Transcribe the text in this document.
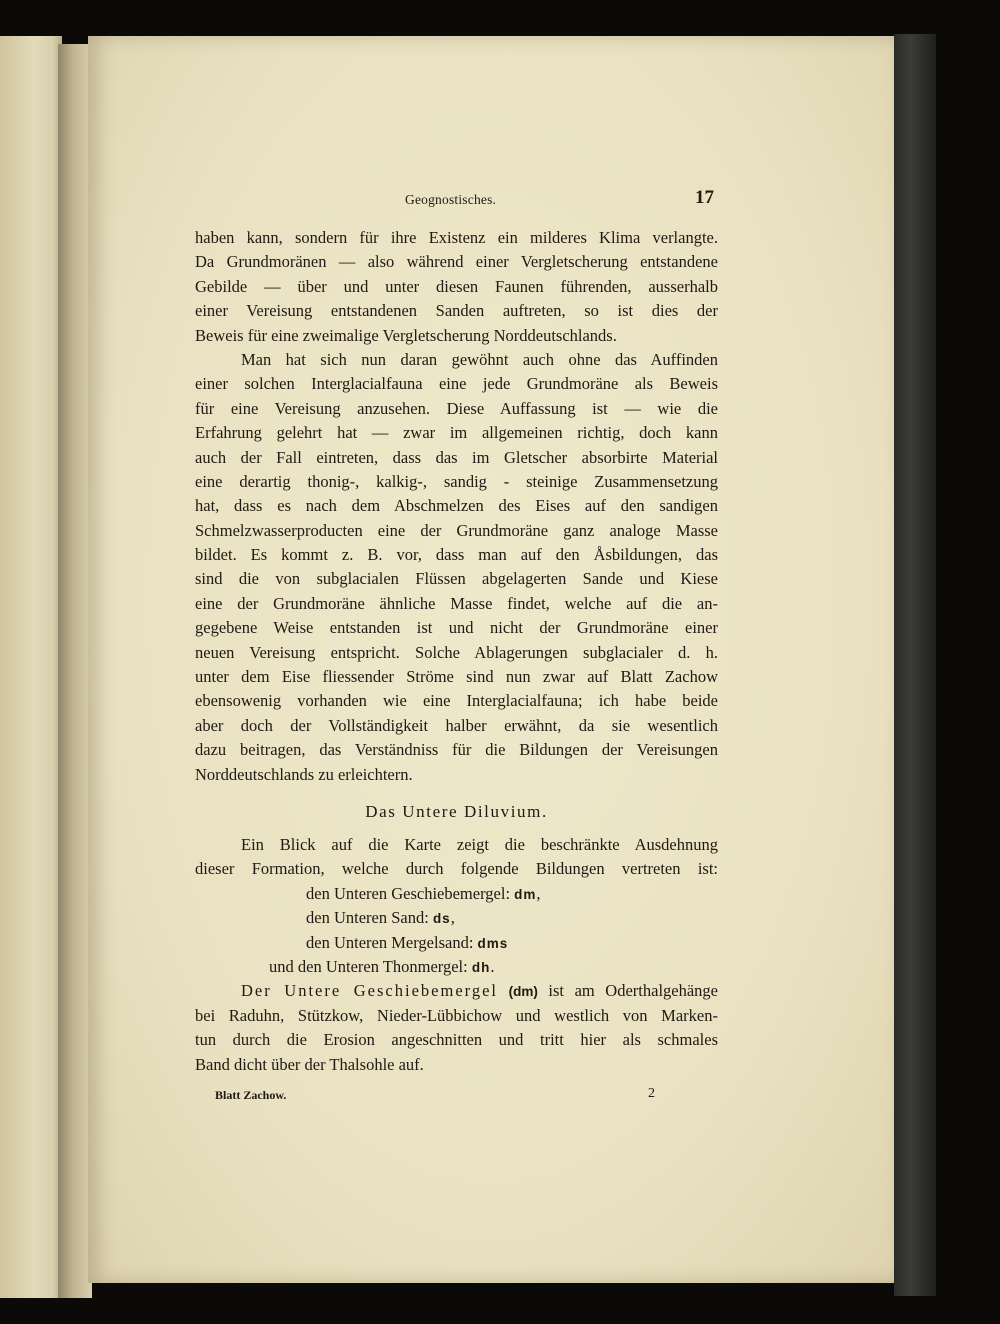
Geognostisches.	17
haben kann, sondern für ihre Existenz ein milderes Klima verlangte.
Da Grundmoränen — also während einer Vergletscherung entstandene
Gebilde — über und unter diesen Faunen führenden, ausserhalb
einer Vereisung entstandenen Sanden auftreten, so ist dies der
Beweis für eine zweimalige Vergletscherung Norddeutschlands.
Man hat sich nun daran gewöhnt auch ohne das Auffinden
einer solchen Interglacialfauna eine jede Grundmoräne als Beweis
für eine Vereisung anzusehen. Diese Auffassung ist — wie die
Erfahrung gelehrt hat — zwar im allgemeinen richtig, doch kann
auch der Fall eintreten, dass das im Gletscher absorbirte Material
eine derartig thonig-, kalkig-, sandig - steinige Zusammensetzung
hat, dass es nach dem Abschmelzen des Eises auf den sandigen
Schmelzwasserproducten eine der Grundmoräne ganz analoge Masse
bildet. Es kommt z. B. vor, dass man auf den Åsbildungen, das
sind die von subglacialen Flüssen abgelagerten Sande und Kiese
eine der Grundmoräne ähnliche Masse findet, welche auf die an-
gegebene Weise entstanden ist und nicht der Grundmoräne einer
neuen Vereisung entspricht. Solche Ablagerungen subglacialer d. h.
unter dem Eise fliessender Ströme sind nun zwar auf Blatt Zachow
ebensowenig vorhanden wie eine Interglacialfauna; ich habe beide
aber doch der Vollständigkeit halber erwähnt, da sie wesentlich
dazu beitragen, das Verständniss für die Bildungen der Vereisungen
Norddeutschlands zu erleichtern.
Das Untere Diluvium.
Ein Blick auf die Karte zeigt die beschränkte Ausdehnung
dieser Formation, welche durch folgende Bildungen vertreten ist:
den Unteren Geschiebemergel: dm,
den Unteren Sand: ds,
den Unteren Mergelsand: dms
und den Unteren Thonmergel: dh.
Der Untere Geschiebemergel (dm) ist am Oderthalgehänge
bei Raduhn, Stützkow, Nieder-Lübbichow und westlich von Marken-
tun durch die Erosion angeschnitten und tritt hier als schmales
Band dicht über der Thalsohle auf.
Blatt Zachow.	2
